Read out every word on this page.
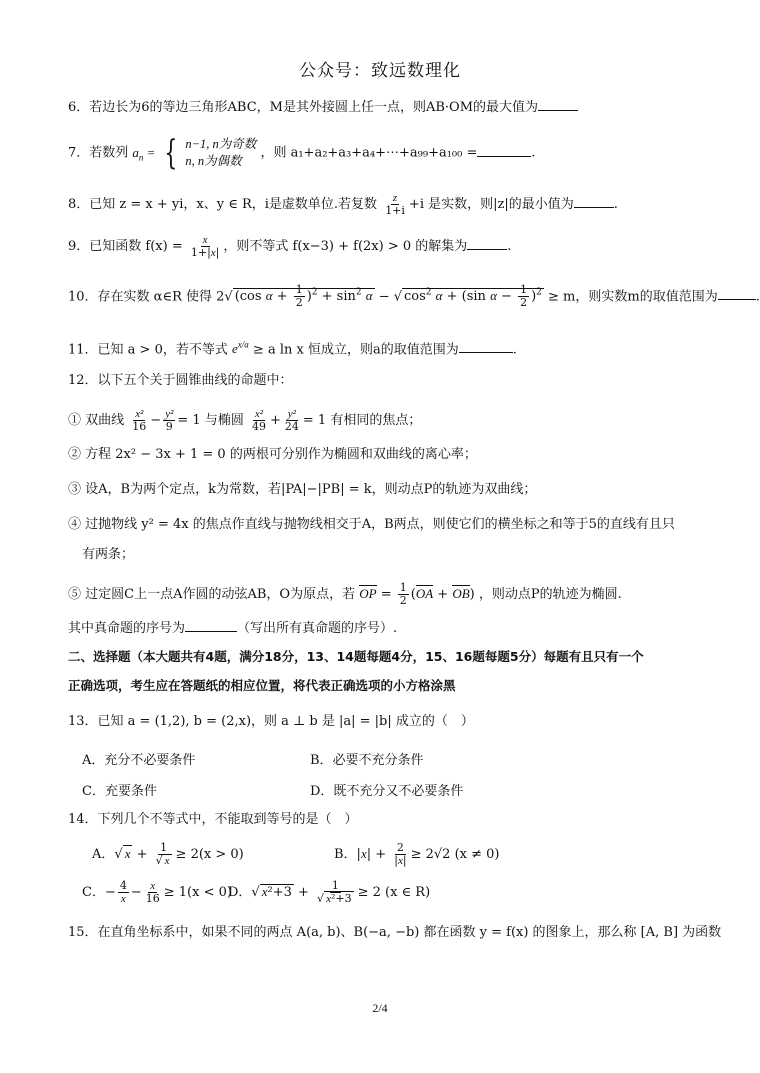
公众号：致远数理化
6．若边长为6的等边三角形ABC，M是其外接圆上任一点，则AB·OM的最大值为
7．若数列 $a_n$ = { n−1, n为奇数
n, n为偶数
，则 a₁+a₂+a₃+a₄+⋯+a₉₉+a₁₀₀ =	.
8．已知 z = x + yi，x、y ∈ R，i是虚数单位.若复数 $\frac{z}{1+i} +i$ 是实数，则|z|的最小值为	.
9．已知函数 $f(x) = \frac{x}{1+|x|}$ ，则不等式 f(x−3) + f(2x) > 0 的解集为	.
10．存在实数 α∈R 使得 2√ (cos $\alpha + \frac{1}{2} )^2 + \sin^2 \alpha$ − √ $\cos^2 \alpha + (\sin$ $\alpha - \frac{1}{2} )^2 \ge m$，则实数m的取值范围为	.
11．已知 a > 0，若不等式 $e^{x/a} \ge a$ ln x 恒成立，则a的取值范围为	.
12．以下五个关于圆锥曲线的命题中：
① 双曲线 $\frac{\text{x²}}{16} - \frac{\text{y²}}{9} = 1$ 与椭圆 $\frac{\text{x²}}{49} + \frac{\text{y²}}{24} = 1$ 有相同的焦点；
② 方程 2x² − 3x + 1 = 0 的两根可分别作为椭圆和双曲线的离心率；
③ 设A，B为两个定点，k为常数，若|PA|−|PB| = k，则动点P的轨迹为双曲线；
④ 过抛物线 y² = 4x 的焦点作直线与抛物线相交于A，B两点，则使它们的横坐标之和等于5的直线有且只
有两条；
⑤ 过定圆C上一点A作圆的动弦AB，O为原点，若 OP = $\frac{1}{2} (OA + OB)$ ，则动点P的轨迹为椭圆.
其中真命题的序号为	（写出所有真命题的序号）.
二、选择题（本大题共有4题，满分18分，13、14题每题4分，15、16题每题5分）每题有且只有一个
正确选项，考生应在答题纸的相应位置，将代表正确选项的小方格涂黑
13．已知 a = (1,2), b = (2,x)，则 a ⊥ b 是 |a| = |b| 成立的（　）
A．充分不必要条件	B．必要不充分条件
C．充要条件	D．既不充分又不必要条件
14．下列几个不等式中，不能取到等号的是（　）
A．√ $x + \frac{1}{√ x} \ge 2(x > 0)$	B．$|x| + \frac{2}{|x|} \ge 2√2$ (x ≠ 0)
C．− $\frac{4}{x} - \frac{x}{16} \ge 1(x < 0)$
D．√ $x^2+3 + \frac{1}{\text{√ x²+3}} \ge 2$ (x ∈ R)
15．在直角坐标系中，如果不同的两点 A(a, b)、B(−a, −b) 都在函数 y = f(x) 的图象上，那么称 [A, B] 为函数
2/4
